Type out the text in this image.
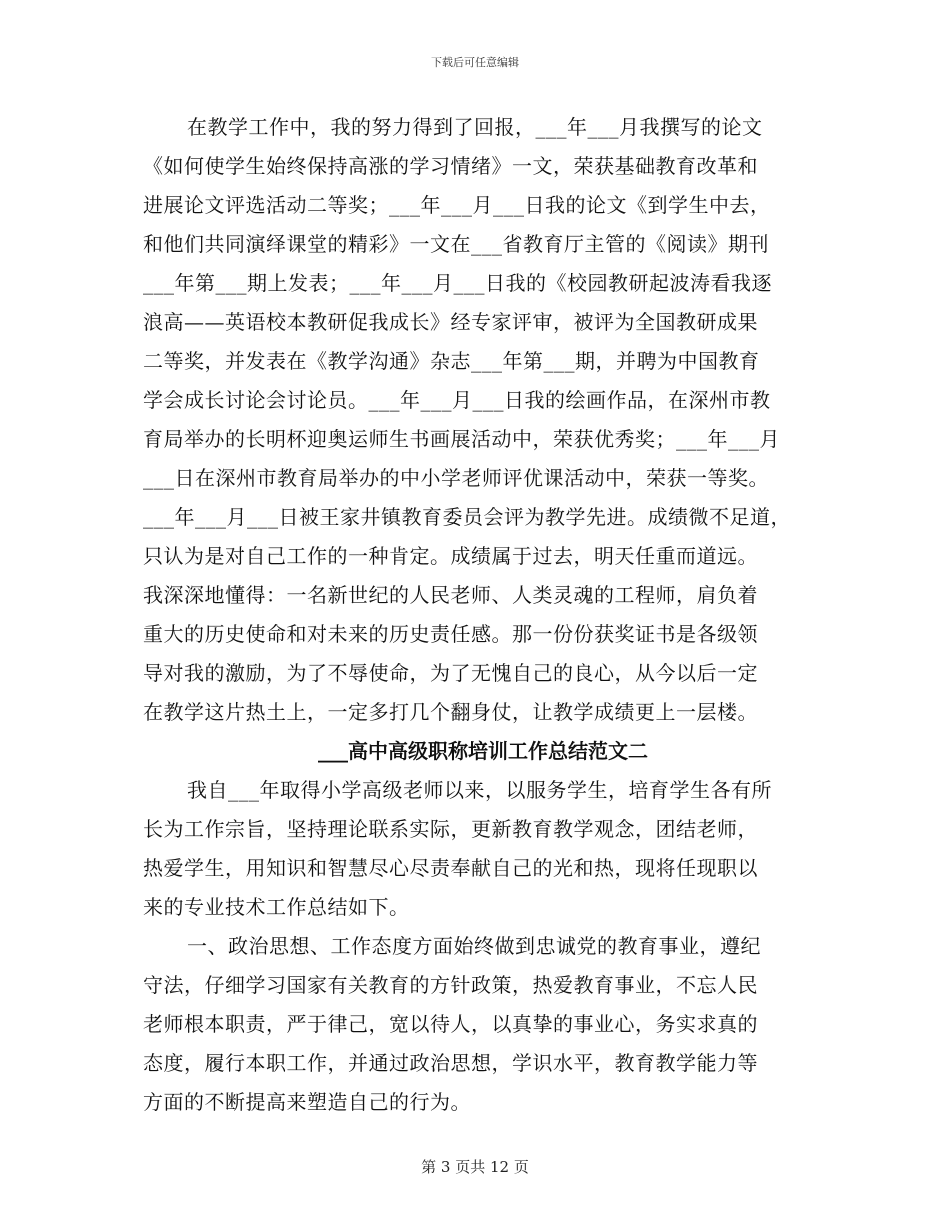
下载后可任意编辑
在教学工作中，我的努力得到了回报，___年___月我撰写的论文
《如何使学生始终保持高涨的学习情绪》一文，荣获基础教育改革和
进展论文评选活动二等奖；___年___月___日我的论文《到学生中去，
和他们共同演绎课堂的精彩》一文在___省教育厅主管的《阅读》期刊
___年第___期上发表；___年___月___日我的《校园教研起波涛看我逐
浪高——英语校本教研促我成长》经专家评审，被评为全国教研成果
二等奖，并发表在《教学沟通》杂志___年第___期，并聘为中国教育
学会成长讨论会讨论员。___年___月___日我的绘画作品，在深州市教
育局举办的长明杯迎奥运师生书画展活动中，荣获优秀奖；___年___月
___日在深州市教育局举办的中小学老师评优课活动中，荣获一等奖。
___年___月___日被王家井镇教育委员会评为教学先进。成绩微不足道，
只认为是对自己工作的一种肯定。成绩属于过去，明天任重而道远。
我深深地懂得：一名新世纪的人民老师、人类灵魂的工程师，肩负着
重大的历史使命和对未来的历史责任感。那一份份获奖证书是各级领
导对我的激励，为了不辱使命，为了无愧自己的良心，从今以后一定
在教学这片热土上，一定多打几个翻身仗，让教学成绩更上一层楼。
___高中高级职称培训工作总结范文二
我自___年取得小学高级老师以来，以服务学生，培育学生各有所
长为工作宗旨，坚持理论联系实际，更新教育教学观念，团结老师，
热爱学生，用知识和智慧尽心尽责奉献自己的光和热，现将任现职以
来的专业技术工作总结如下。
一、政治思想、工作态度方面始终做到忠诚党的教育事业，遵纪
守法，仔细学习国家有关教育的方针政策，热爱教育事业，不忘人民
老师根本职责，严于律己，宽以待人，以真挚的事业心，务实求真的
态度，履行本职工作，并通过政治思想，学识水平，教育教学能力等
方面的不断提高来塑造自己的行为。
第 3 页共 12 页
